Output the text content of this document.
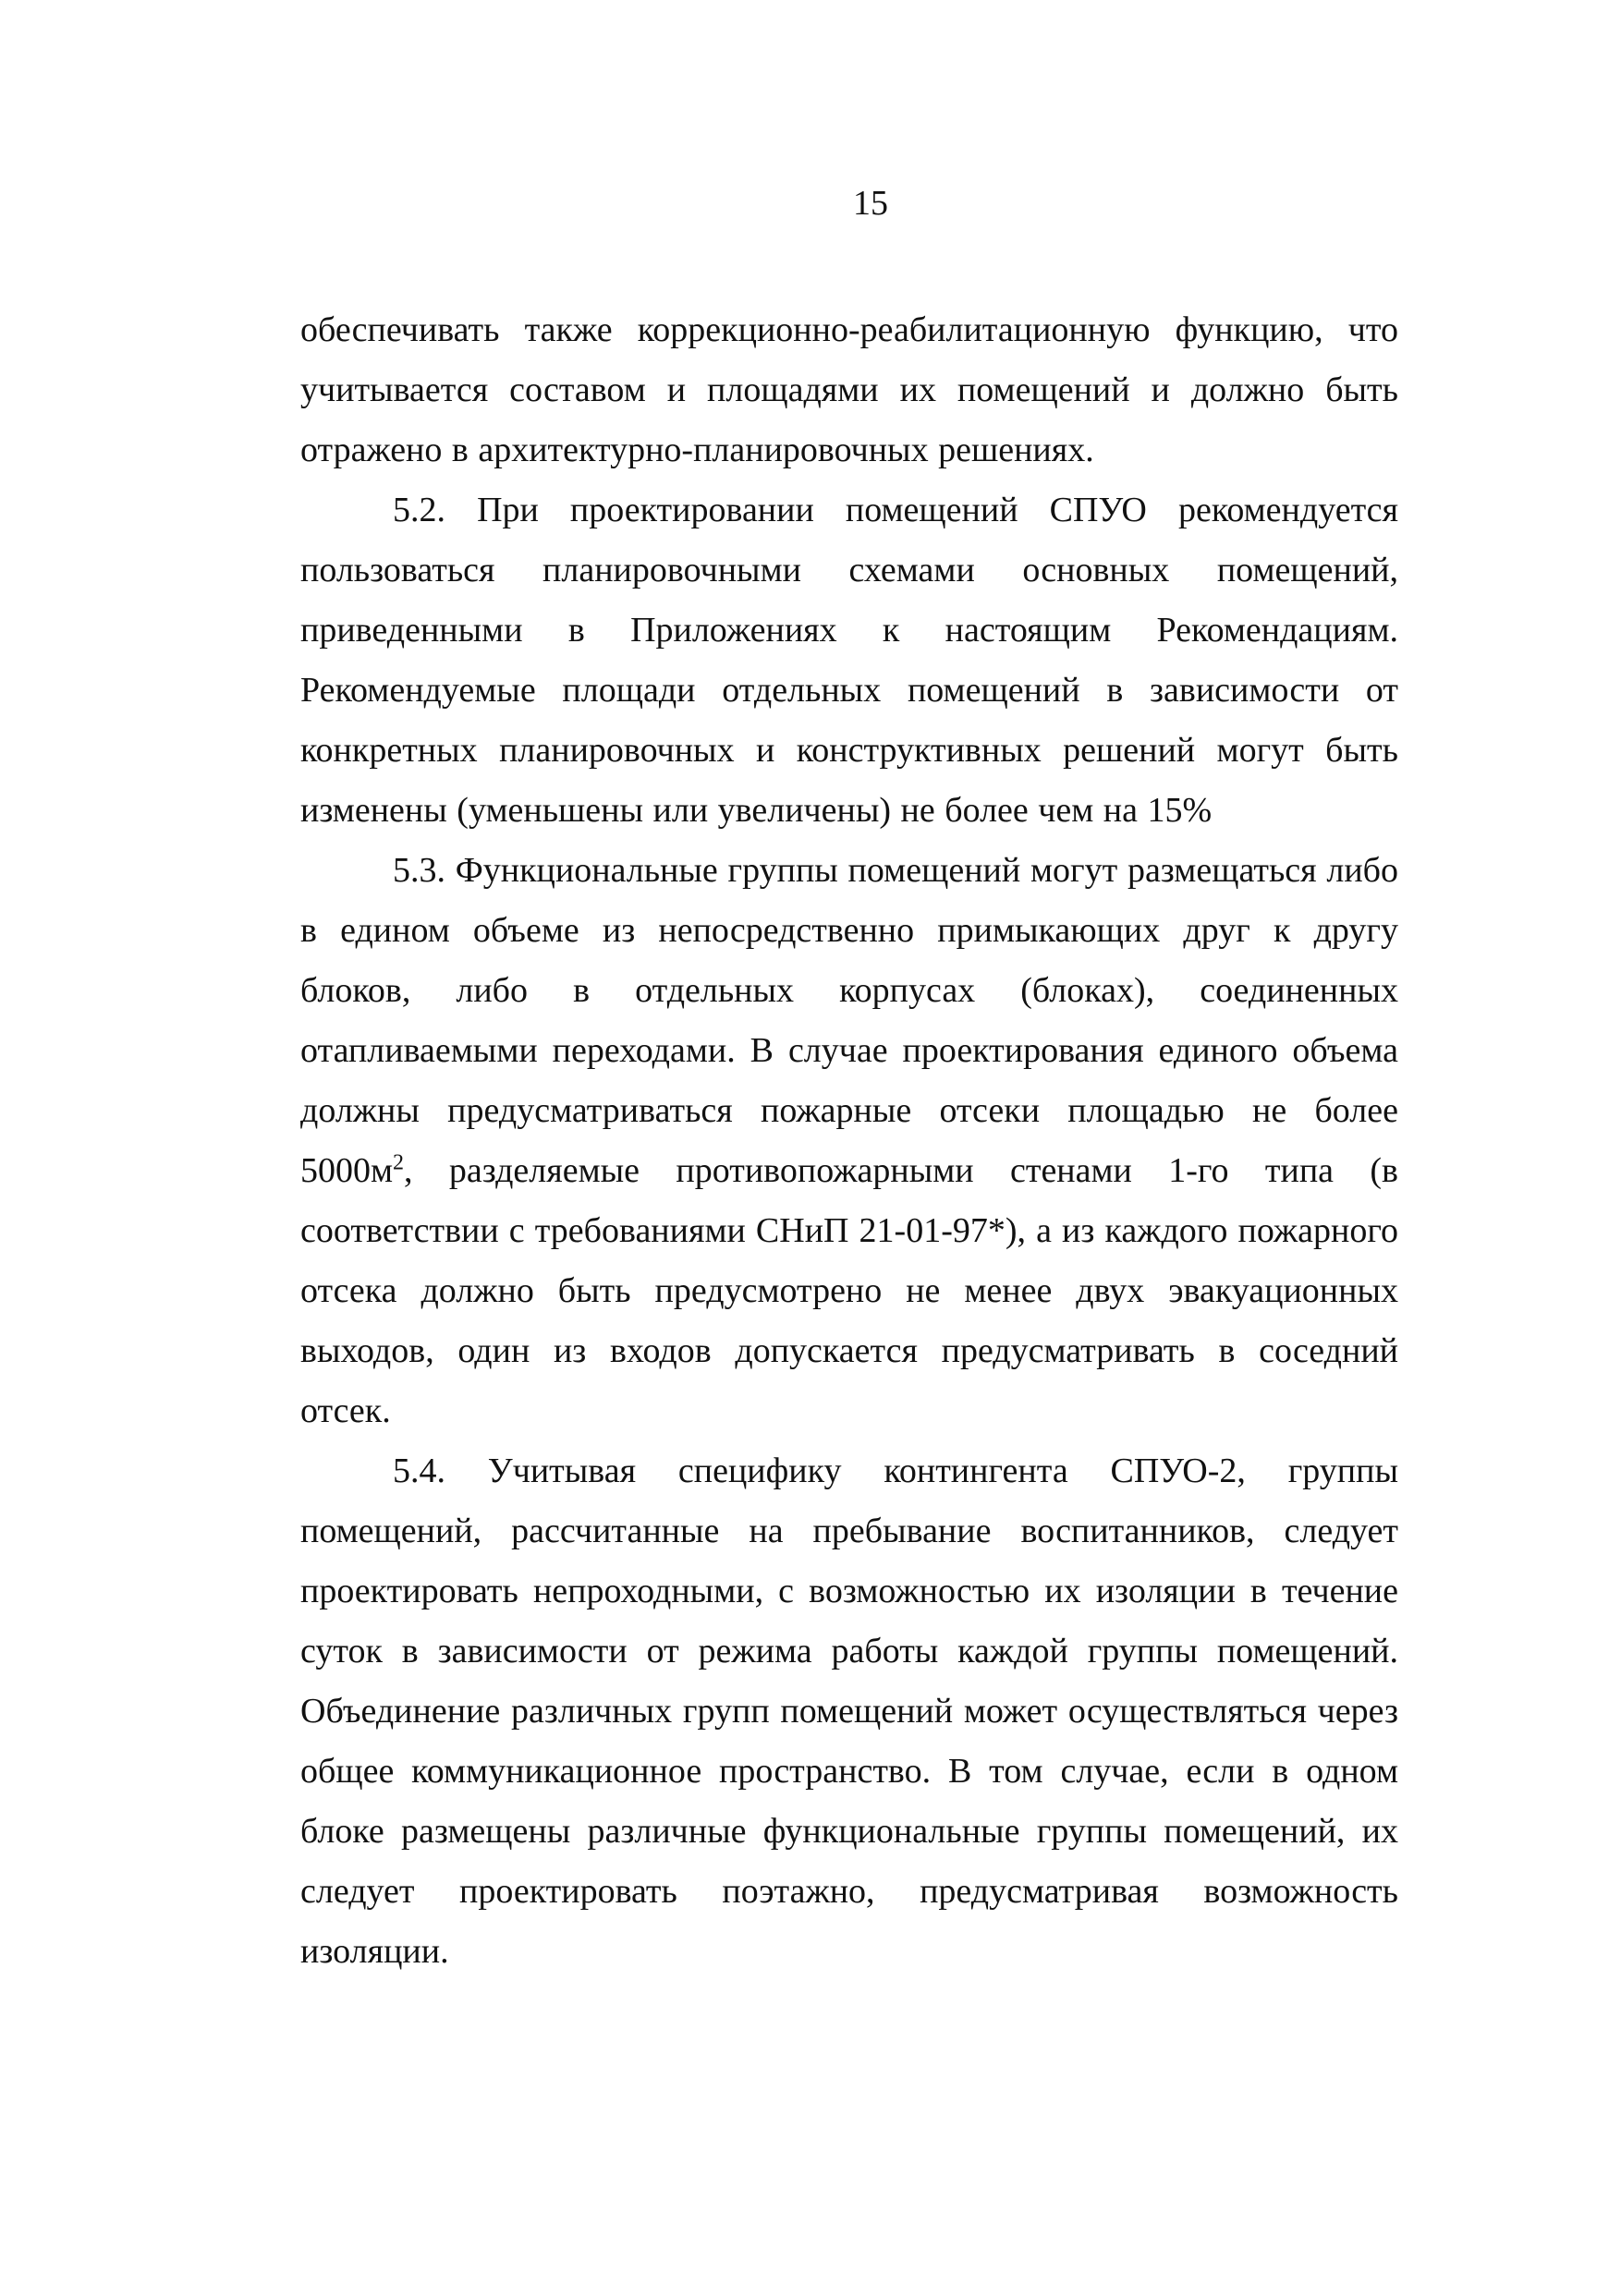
15

обеспечивать также коррекционно-реабилитационную функцию, что учитывается составом и площадями их помещений и должно быть отражено в архитектурно-планировочных решениях.

5.2. При проектировании помещений СПУО рекомендуется пользоваться планировочными схемами основных помещений, приведенными в Приложениях к настоящим Рекомендациям. Рекомендуемые площади отдельных помещений в зависимости от конкретных планировочных и конструктивных решений могут быть изменены (уменьшены или увеличены) не более чем на 15%

5.3. Функциональные группы помещений могут размещаться либо в едином объеме из непосредственно примыкающих друг к другу блоков, либо в отдельных корпусах (блоках), соединенных отапливаемыми переходами. В случае проектирования единого объема должны предусматриваться пожарные отсеки площадью не более $5000м^2$, разделяемые противопожарными стенами 1-го типа (в соответствии с требованиями СНиП 21-01-97*), а из каждого пожарного отсека должно быть предусмотрено не менее двух эвакуационных выходов, один из входов допускается предусматривать в соседний отсек.

5.4. Учитывая специфику контингента СПУО-2, группы помещений, рассчитанные на пребывание воспитанников, следует проектировать непроходными, с возможностью их изоляции в течение суток в зависимости от режима работы каждой группы помещений. Объединение различных групп помещений может осуществляться через общее коммуникационное пространство. В том случае, если в одном блоке размещены различные функциональные группы помещений, их следует проектировать поэтажно, предусматривая возможность изоляции.
